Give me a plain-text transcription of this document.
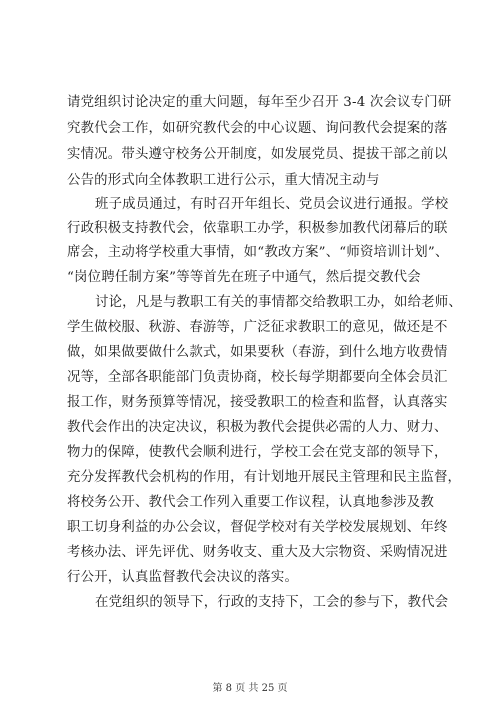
请党组织讨论决定的重大问题，每年至少召开 3-4 次会议专门研

究教代会工作，如研究教代会的中心议题、询问教代会提案的落

实情况。带头遵守校务公开制度，如发展党员、提拔干部之前以

公告的形式向全体教职工进行公示，重大情况主动与

班子成员通过，有时召开年组长、党员会议进行通报。学校

行政积极支持教代会，依靠职工办学，积极参加教代闭幕后的联

席会，主动将学校重大事情，如“教改方案”、“师资培训计划”、

“岗位聘任制方案”等等首先在班子中通气，然后提交教代会

讨论，凡是与教职工有关的事情都交给教职工办，如给老师、

学生做校服、秋游、春游等，广泛征求教职工的意见，做还是不

做，如果做要做什么款式，如果要秋（春游，到什么地方收费情

况等，全部各职能部门负责协商，校长每学期都要向全体会员汇

报工作，财务预算等情况，接受教职工的检查和监督，认真落实

教代会作出的决定决议，积极为教代会提供必需的人力、财力、

物力的保障，使教代会顺利进行，学校工会在党支部的领导下，

充分发挥教代会机构的作用，有计划地开展民主管理和民主监督，

将校务公开、教代会工作列入重要工作议程，认真地参涉及教

职工切身利益的办公会议，督促学校对有关学校发展规划、年终

考核办法、评先评优、财务收支、重大及大宗物资、采购情况进

行公开，认真监督教代会决议的落实。

在党组织的领导下，行政的支持下，工会的参与下，教代会

第 8 页 共 25 页
